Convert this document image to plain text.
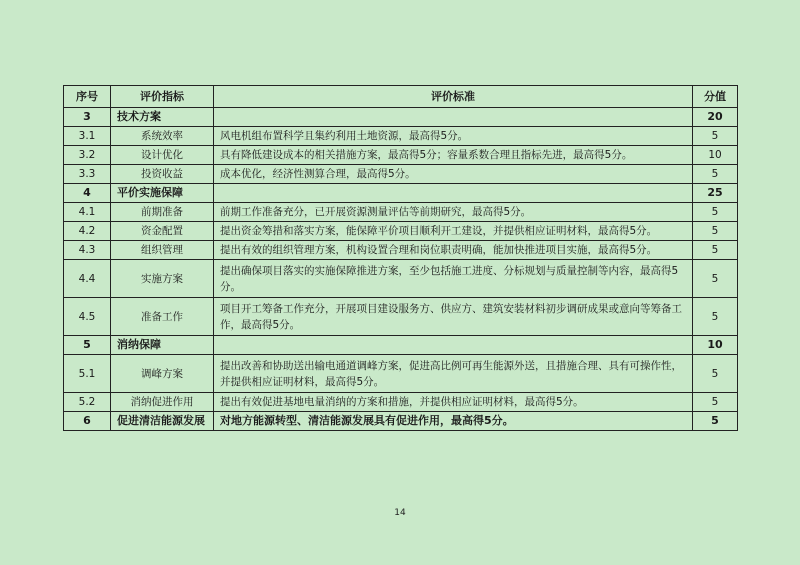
序号	评价指标	评价标准	分值
3	技术方案		20
3.1	系统效率	风电机组布置科学且集约利用土地资源，最高得5分。	5
3.2	设计优化	具有降低建设成本的相关措施方案，最高得5分；容量系数合理且指标先进，最高得5分。	10
3.3	投资收益	成本优化，经济性测算合理，最高得5分。	5
4	平价实施保障		25
4.1	前期准备	前期工作准备充分，已开展资源测量评估等前期研究，最高得5分。	5
4.2	资金配置	提出资金筹措和落实方案，能保障平价项目顺利开工建设，并提供相应证明材料，最高得5分。	5
4.3	组织管理	提出有效的组织管理方案，机构设置合理和岗位职责明确，能加快推进项目实施，最高得5分。	5
4.4	实施方案	提出确保项目落实的实施保障推进方案，至少包括施工进度、分标规划与质量控制等内容，最高得5分。	5
4.5	准备工作	项目开工筹备工作充分，开展项目建设服务方、供应方、建筑安装材料初步调研成果或意向等筹备工作，最高得5分。	5
5	消纳保障		10
5.1	调峰方案	提出改善和协助送出输电通道调峰方案，促进高比例可再生能源外送，且措施合理、具有可操作性，并提供相应证明材料，最高得5分。	5
5.2	消纳促进作用	提出有效促进基地电量消纳的方案和措施，并提供相应证明材料，最高得5分。	5
6	促进清洁能源发展	对地方能源转型、清洁能源发展具有促进作用，最高得5分。	5
14
